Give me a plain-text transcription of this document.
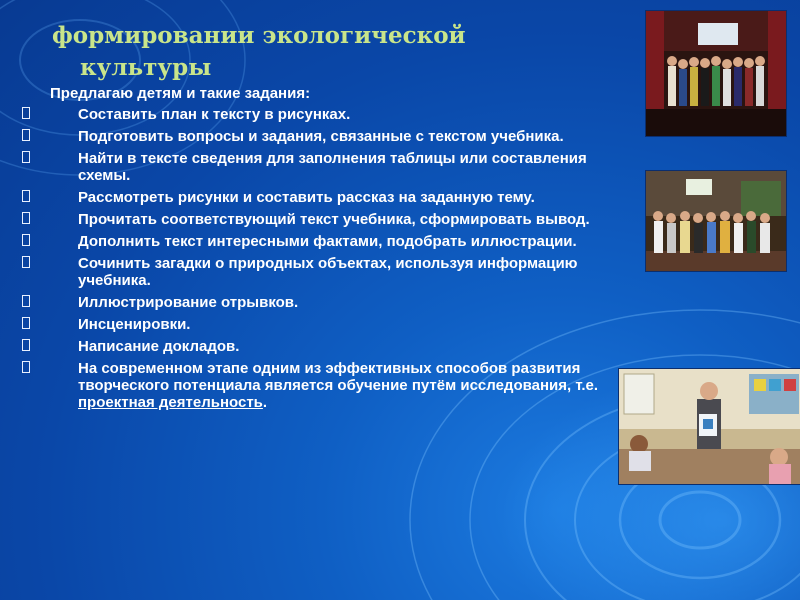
формировании экологической
культуры
Предлагаю детям и такие задания:
Составить план к тексту в рисунках.
Подготовить вопросы и задания, связанные с текстом учебника.
Найти в тексте сведения для заполнения таблицы или составления схемы.
Рассмотреть рисунки и составить рассказ на заданную тему.
Прочитать соответствующий текст учебника, сформировать вывод.
Дополнить текст интересными фактами, подобрать иллюстрации.
Сочинить загадки о природных объектах, используя информацию учебника.
Иллюстрирование отрывков.
Инсценировки.
Написание докладов.
На современном этапе одним из эффективных способов развития творческого потенциала является обучение путём исследования, т.е. проектная деятельность.
